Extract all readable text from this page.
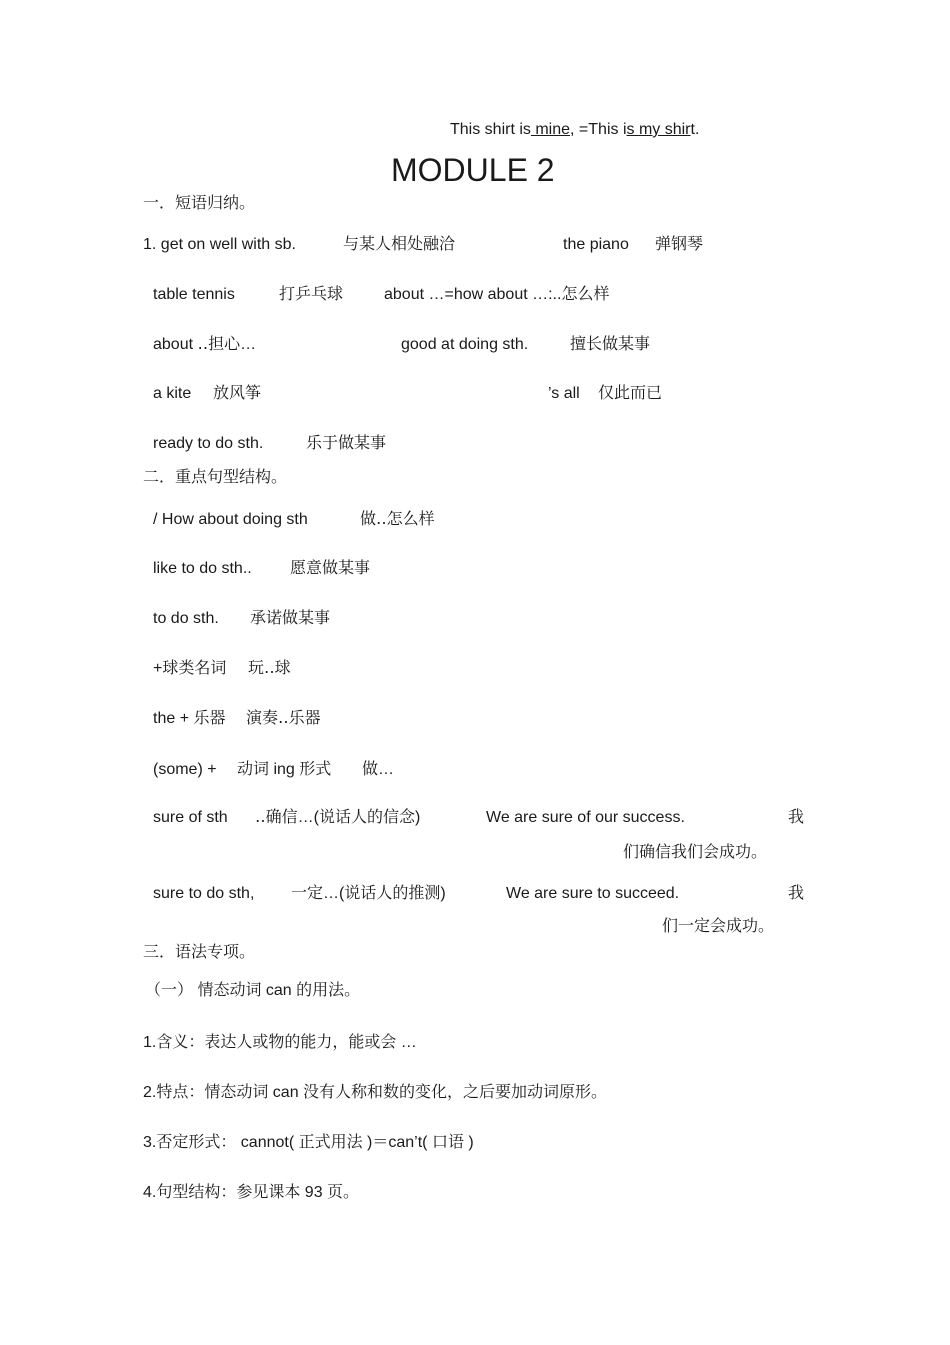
This shirt is mine, =This is my shirt.
MODULE 2
一．短语归纳。
1. get on well with sb.	与某人相处融洽	the piano 弹钢琴
table tennis	打乒乓球	about …=how about …:..怎么样
about ‥担心…	good at doing sth.	擅长做某事
a kite 放风筝	’s all 仅此而已
ready to do sth.	乐于做某事
二．重点句型结构。
/ How about doing sth	做‥怎么样
like to do sth.. 愿意做某事
to do sth. 承诺做某事
+球类名词 玩‥球
the + 乐器 演奏‥乐器
(some) + 动词 ing 形式 做…
sure of sth ‥确信…(说话人的信念)	We are sure of our success.	我
们确信我们会成功。
sure to do sth, 一定…(说话人的推测)	We are sure to succeed.	我
们一定会成功。
三．语法专项。
（一） 情态动词 can 的用法。
1.含义：表达人或物的能力，能或会 …
2.特点：情态动词 can 没有人称和数的变化，之后要加动词原形。
3.否定形式： cannot( 正式用法 )＝can’t( 口语 )
4.句型结构：参见课本 93 页。
